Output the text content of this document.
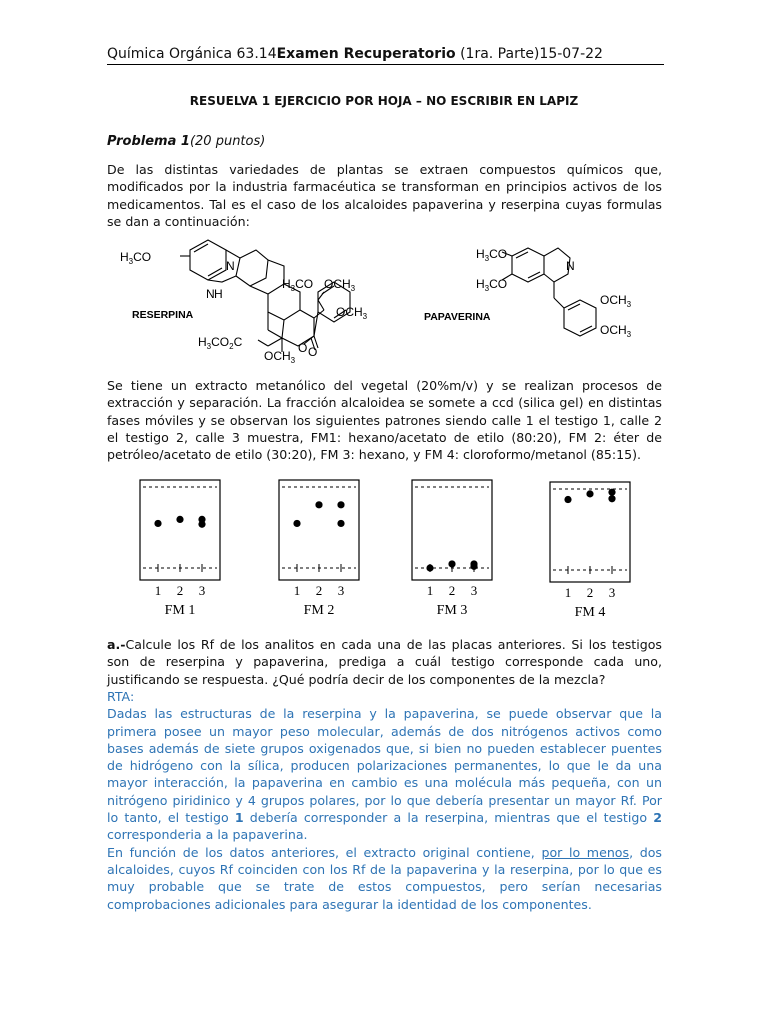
Química Orgánica 63.14Examen Recuperatorio (1ra. Parte)15-07-22
RESUELVA 1 EJERCICIO POR HOJA – NO ESCRIBIR EN LAPIZ
Problema 1(20 puntos)
De las distintas variedades de plantas se extraen compuestos químicos que,
modificados por la industria farmacéutica se transforman en principios activos de los
medicamentos. Tal es el caso de los alcaloides papaverina y reserpina cuyas formulas
se dan a continuación:
$H_3CO$
N
N H
$H_3CO$ $OCH_3$
$OCH_3$
$H_3CO_2C$	O
$OCH_3$
O
RESERPINA
$H_3CO$
$H_3CO$
N
$OCH_3$
$OCH_3$
PAPAVERINA
Se tiene un extracto metanólico del vegetal (20%m/v) y se realizan procesos de
extracción y separación. La fracción alcaloidea se somete a ccd (silica gel) en distintas
fases móviles y se observan los siguientes patrones siendo calle 1 el testigo 1, calle 2
el testigo 2, calle 3 muestra, FM1: hexano/acetato de etilo (80:20), FM 2: éter de
petróleo/acetato de etilo (30:20), FM 3: hexano, y FM 4: cloroformo/metanol (85:15).
1 2 3
FM 1
1 2 3
FM 2
1 2 3
FM 3
1 2 3
FM 4
a.-Calcule los Rf de los analitos en cada una de las placas anteriores. Si los testigos
son de reserpina y papaverina, prediga a cuál testigo corresponde cada uno,
justificando se respuesta. ¿Qué podría decir de los componentes de la mezcla?
RTA:
Dadas las estructuras de la reserpina y la papaverina, se puede observar que la
primera posee un mayor peso molecular, además de dos nitrógenos activos como
bases además de siete grupos oxigenados que, si bien no pueden establecer puentes
de hidrógeno con la sílica, producen polarizaciones permanentes, lo que le da una
mayor interacción, la papaverina en cambio es una molécula más pequeña, con un
nitrógeno piridinico y 4 grupos polares, por lo que debería presentar un mayor Rf. Por
lo tanto, el testigo 1 debería corresponder a la reserpina, mientras que el testigo 2
corresponderia a la papaverina.
En función de los datos anteriores, el extracto original contiene, por lo menos, dos
alcaloides, cuyos Rf coinciden con los Rf de la papaverina y la reserpina, por lo que es
muy probable que se trate de estos compuestos, pero serían necesarias
comprobaciones adicionales para asegurar la identidad de los componentes.
